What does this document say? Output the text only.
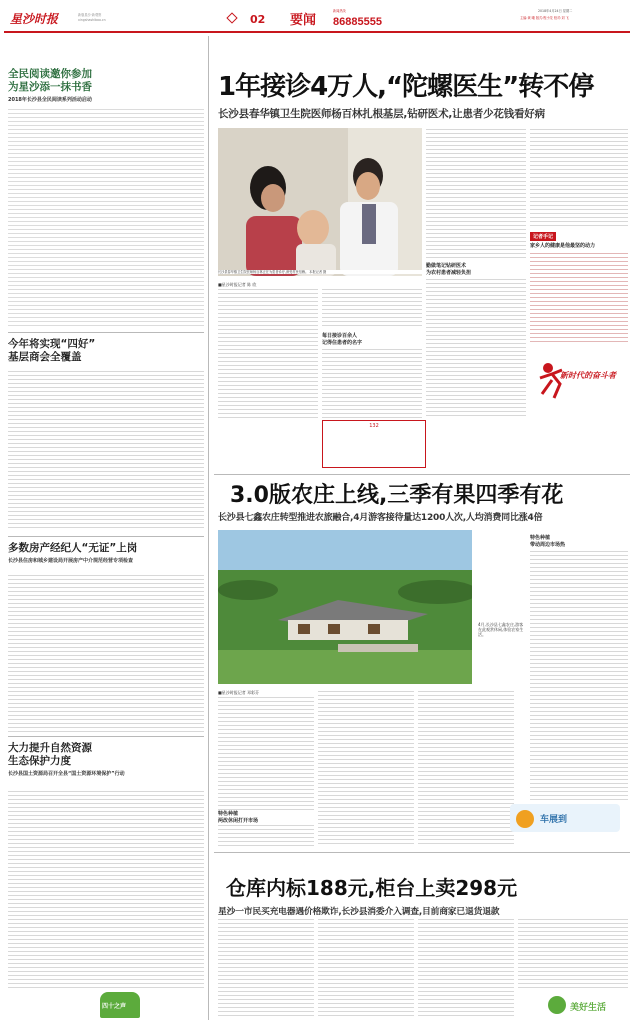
星沙时报	新版星沙·新观察
xingshashibao.cn	02 要闻
新闻热线
86885555
2018年4月24日 星期二
主编:黄 曦 版式:程小龙 校对:刘 飞
全民阅读邀你参加
为星沙添一抹书香
2018年长沙县全民阅读系列活动启动
今年将实现“四好”
基层商会全覆盖
多数房产经纪人“无证”上岗
长沙县住房和城乡建设局开展房产中介规范经营专项检查
大力提升自然资源
生态保护力度
长沙县国土资源局召开全县“国土资源环境保护”行动
四十之声
1年接诊4万人,“陀螺医生”转不停
长沙县春华镇卫生院医师杨百林扎根基层,钻研医术,让患者少花钱看好病
长沙县春华镇卫生院医师杨百林正在为患者诊疗,深受村民信赖。 本报记者 摄
■星沙时报记者 陈 欣
每日接诊百余人
记得住患者的名字
勤做笔记钻研医术
为农村患者减轻负担
记者手记
家乡人的健康是他最坚的动力
新时代的奋斗者
132
3.0版农庄上线,三季有果四季有花
长沙县七鑫农庄转型推进农旅融合,4月游客接待量达1200人次,人均消费同比涨4倍
4月,长沙县七鑫农庄,游客在此观赏休闲,体验农家生活。
■星沙时报记者 邓彩芬
特色种植
两改休闲打开市场
特色种植
带动周边市场热
车展到
仓库内标188元,柜台上卖298元
星沙一市民买充电器遇价格欺诈,长沙县消委介入调查,目前商家已退货退款
美好生活
